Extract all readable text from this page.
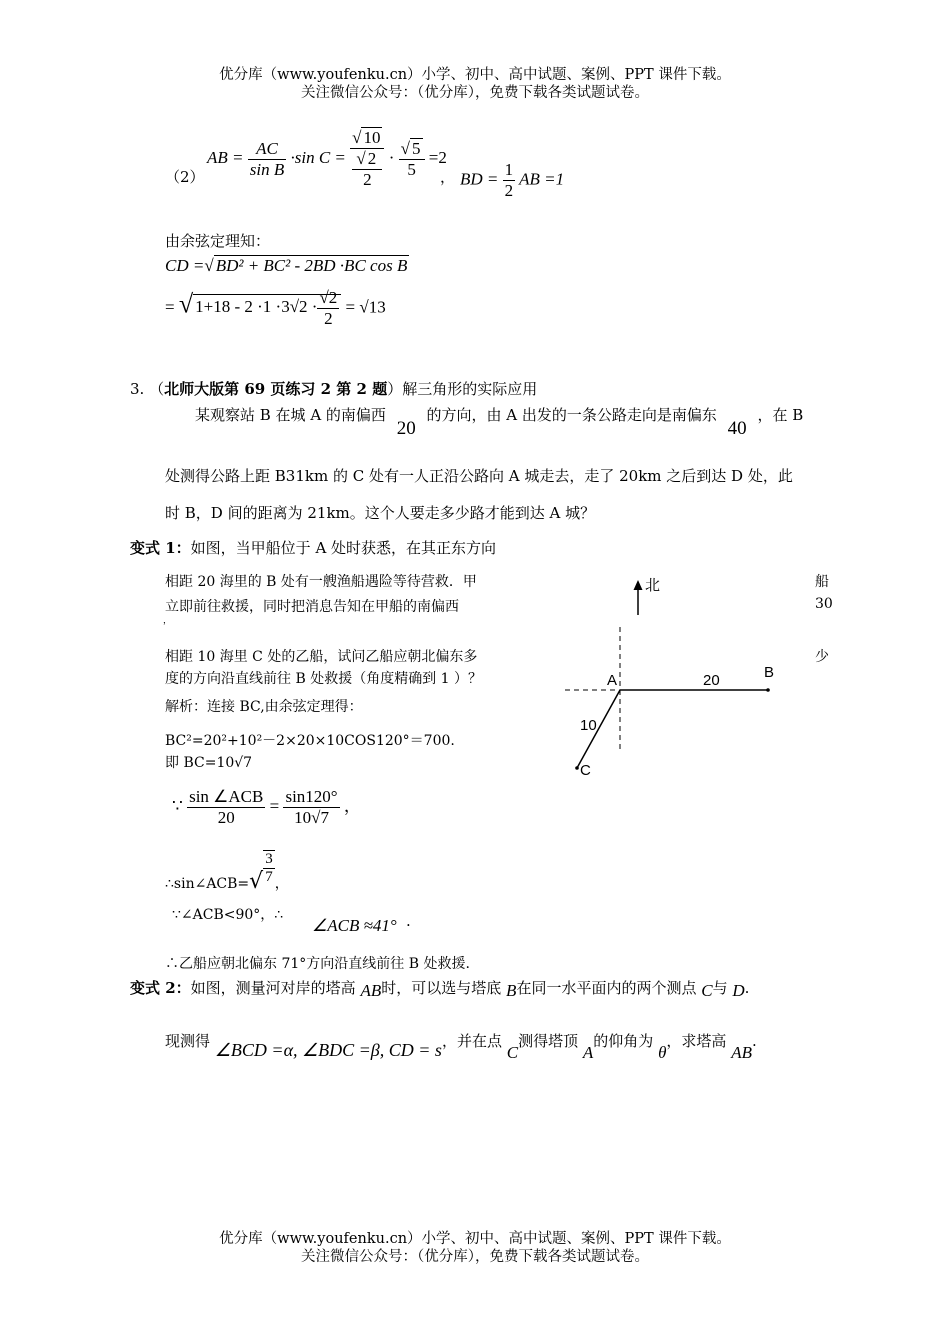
优分库（www.youfenku.cn）小学、初中、高中试题、案例、PPT 课件下载。
关注微信公众号：（优分库），免费下载各类试题试卷。
（2）
AB = $\frac{AC}{\text{sin B}} \cdot\sin$ C = √ 10
√ 2
$2 \cdot \frac{√ 5}{5} =2$
， BD = $\frac{1}{2}$ AB =1
由余弦定理知：
CD =√ BD² + BC² - 2BD ·BC cos B
= √ $1+18 - 2 \cdot 1 \cdot 3√2 \cdot \frac{√2}{2} = √13$
3. （北师大版第 69 页练习 2 第 2 题）解三角形的实际应用
某观察站 B 在城 A 的南偏西 20 的方向，由 A 出发的一条公路走向是南偏东 40 ，在 B
处测得公路上距 B31km 的 C 处有一人正沿公路向 A 城走去，走了 20km 之后到达 D 处，此
时 B，D 间的距离为 21km。这个人要走多少路才能到达 A 城？
变式 1：如图，当甲船位于 A 处时获悉，在其正东方向
相距 20 海里的 B 处有一艘渔船遇险等待营救．甲	船
立即前往救援，同时把消息告知在甲船的南偏西	30
，
相距 10 海里 C 处的乙船，试问乙船应朝北偏东多	少
度的方向沿直线前往 B 处救援（角度精确到 1 ）？
解析：连接 BC,由余弦定理得：
BC²=20²+10²－2×20×10COS120°＝700.
即 BC=10√7
∵ $\frac{\text{sin ∠ACB}}{20} = \frac{\sin 120^\circ}{10√7}$ ，
∴sin∠ACB=√ $\frac{3}{7}$ ，
∵∠ACB<90°，∴
∠ACB ≈41° .
∴乙船应朝北偏东 71°方向沿直线前往 B 处救援.
北
A	B
C
20
10
变式 2：如图，测量河对岸的塔高 AB时，可以选与塔底 B在同一水平面内的两个测点 C与 D.
现测得 ∠BCD =α, ∠BDC =β, CD = s，并在点 C测得塔顶 A的仰角为 θ，求塔高 AB.
优分库（www.youfenku.cn）小学、初中、高中试题、案例、PPT 课件下载。
关注微信公众号：（优分库），免费下载各类试题试卷。
